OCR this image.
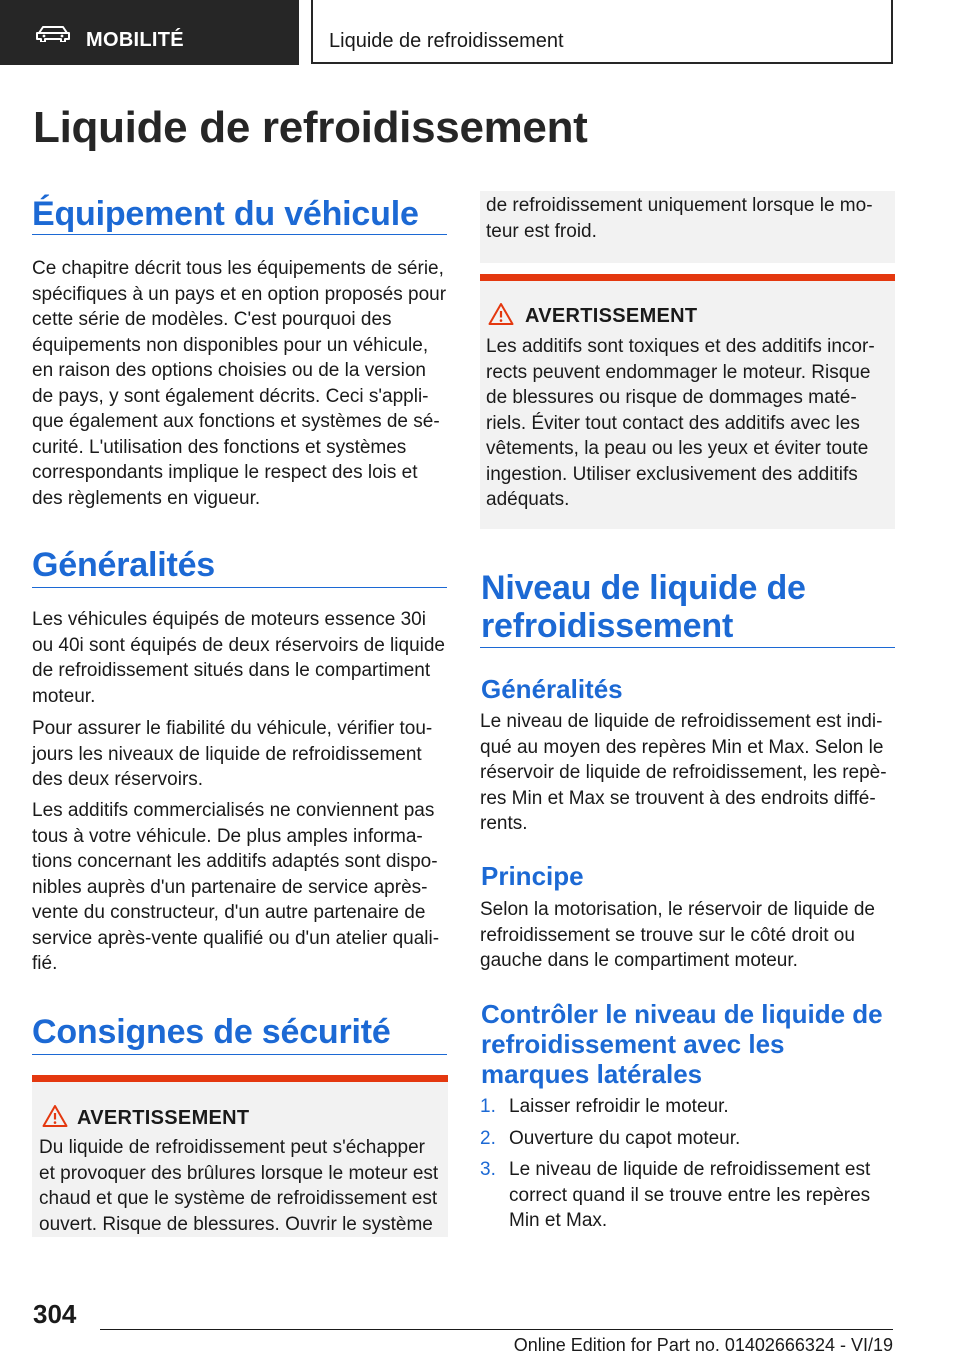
MOBILITÉ	Liquide de refroidissement
Liquide de refroidissement
Équipement du véhicule

Ce chapitre décrit tous les équipements de série, spécifiques à un pays et en option proposés pour cette série de modèles. C'est pourquoi des équipements non disponibles pour un véhicule, en raison des options choisies ou de la version de pays, y sont également décrits. Ceci s'appli‐ que également aux fonctions et systèmes de sé‐ curité. L'utilisation des fonctions et systèmes correspondants implique le respect des lois et des règlements en vigueur.

Généralités

Les véhicules équipés de moteurs essence 30i ou 40i sont équipés de deux réservoirs de liquide de refroidissement situés dans le compartiment moteur.

Pour assurer le fiabilité du véhicule, vérifier tou‐ jours les niveaux de liquide de refroidissement des deux réservoirs.

Les additifs commercialisés ne conviennent pas tous à votre véhicule. De plus amples informa‐ tions concernant les additifs adaptés sont dispo‐ nibles auprès d'un partenaire de service après- vente du constructeur, d'un autre partenaire de service après-vente qualifié ou d'un atelier quali‐ fié.

Consignes de sécurité
AVERTISSEMENT

Du liquide de refroidissement peut s'échapper et provoquer des brûlures lorsque le moteur est chaud et que le système de refroidissement est ouvert. Risque de blessures. Ouvrir le système

de refroidissement uniquement lorsque le mo‐ teur est froid.

AVERTISSEMENT

Les additifs sont toxiques et des additifs incor‐ rects peuvent endommager le moteur. Risque de blessures ou risque de dommages maté‐ riels. Éviter tout contact des additifs avec les vêtements, la peau ou les yeux et éviter toute ingestion. Utiliser exclusivement des additifs adéquats.

Niveau de liquide de refroidissement
Généralités

Le niveau de liquide de refroidissement est indi‐ qué au moyen des repères Min et Max. Selon le réservoir de liquide de refroidissement, les repè‐ res Min et Max se trouvent à des endroits diffé‐ rents.

Principe

Selon la motorisation, le réservoir de liquide de refroidissement se trouve sur le côté droit ou gauche dans le compartiment moteur.

Contrôler le niveau de liquide de refroidissement avec les marques latérales
1. Laisser refroidir le moteur.
2. Ouverture du capot moteur.
3. Le niveau de liquide de refroidissement est correct quand il se trouve entre les repères Min et Max.
304
Online Edition for Part no. 01402666324 - VI/19
